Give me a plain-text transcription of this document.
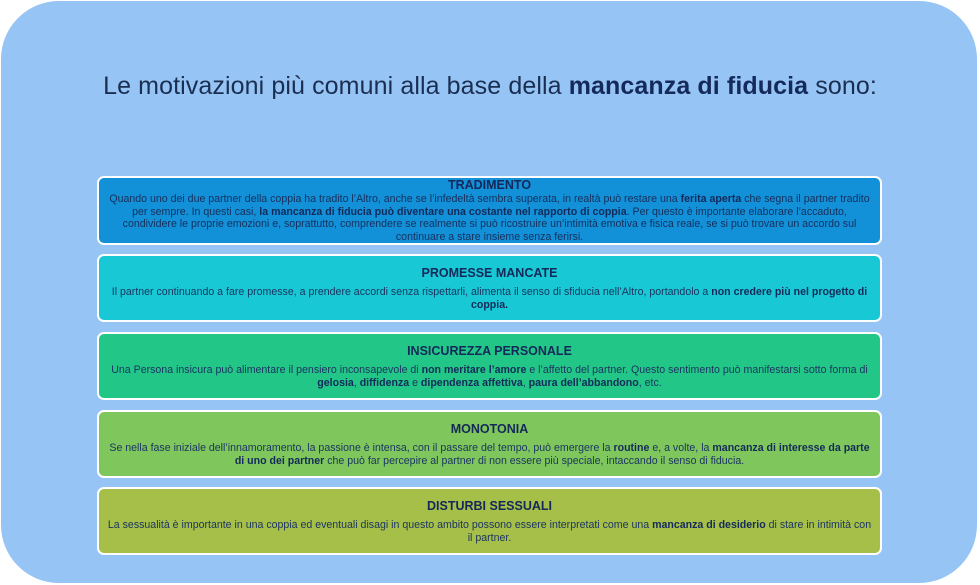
Le motivazioni più comuni alla base della mancanza di fiducia sono:
TRADIMENTO
Quando uno dei due partner della coppia ha tradito l’Altro, anche se l’infedeltà sembra superata, in realtà può restare una ferita aperta che segna il partner tradito per sempre. In questi casi, la mancanza di fiducia può diventare una costante nel rapporto di coppia. Per questo è importante elaborare l’accaduto, condividere le proprie emozioni e, soprattutto, comprendere se realmente si può ricostruire un’intimità emotiva e fisica reale, se si può trovare un accordo sul continuare a stare insieme senza ferirsi.
PROMESSE MANCATE
Il partner continuando a fare promesse, a prendere accordi senza rispettarli, alimenta il senso di sfiducia nell’Altro, portandolo a non credere più nel progetto di coppia.
INSICUREZZA PERSONALE
Una Persona insicura può alimentare il pensiero inconsapevole di non meritare l’amore e l’affetto del partner. Questo sentimento può manifestarsi sotto forma di gelosia, diffidenza e dipendenza affettiva, paura dell’abbandono, etc.
MONOTONIA
Se nella fase iniziale dell’innamoramento, la passione è intensa, con il passare del tempo, può emergere la routine e, a volte, la mancanza di interesse da parte di uno dei partner che può far percepire al partner di non essere più speciale, intaccando il senso di fiducia.
DISTURBI SESSUALI
La sessualità è importante in una coppia ed eventuali disagi in questo ambito possono essere interpretati come una mancanza di desiderio di stare in intimità con il partner.
